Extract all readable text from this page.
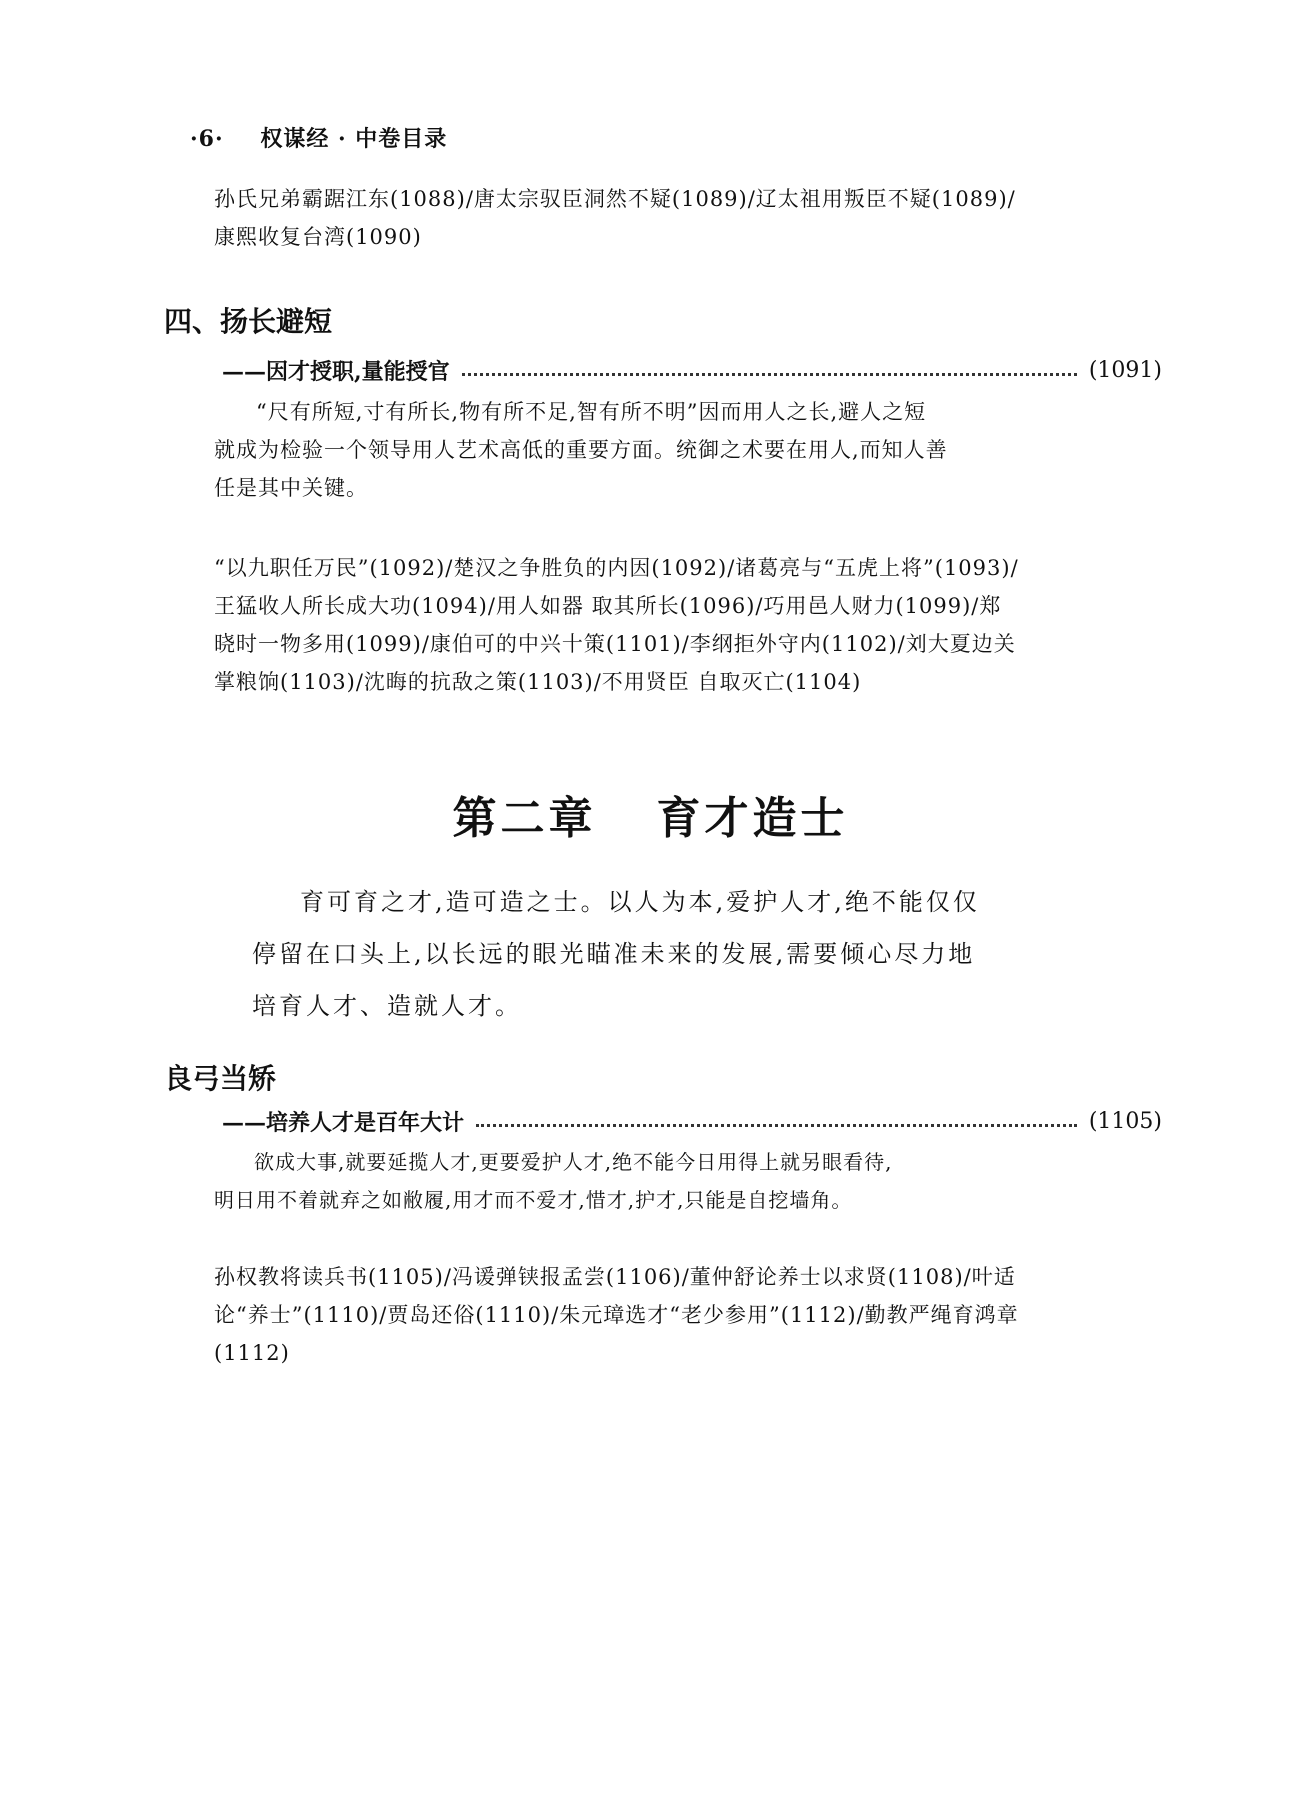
·6· 权谋经 · 中卷目录
孙氏兄弟霸踞江东(1088)/唐太宗驭臣洞然不疑(1089)/辽太祖用叛臣不疑(1089)/
康熙收复台湾(1090)
四、扬长避短
——因才授职,量能授官	(1091)
“尺有所短,寸有所长,物有所不足,智有所不明”因而用人之长,避人之短
就成为检验一个领导用人艺术高低的重要方面。统御之术要在用人,而知人善
任是其中关键。
“以九职任万民”(1092)/楚汉之争胜负的内因(1092)/诸葛亮与“五虎上将”(1093)/
王猛收人所长成大功(1094)/用人如器 取其所长(1096)/巧用邑人财力(1099)/郑
晓时一物多用(1099)/康伯可的中兴十策(1101)/李纲拒外守内(1102)/刘大夏边关
掌粮饷(1103)/沈晦的抗敌之策(1103)/不用贤臣 自取灭亡(1104)
第二章 育才造士
育可育之才,造可造之士。以人为本,爱护人才,绝不能仅仅
停留在口头上,以长远的眼光瞄准未来的发展,需要倾心尽力地
培育人才、造就人才。
良弓当矫
——培养人才是百年大计	(1105)
欲成大事,就要延揽人才,更要爱护人才,绝不能今日用得上就另眼看待,
明日用不着就弃之如敝履,用才而不爱才,惜才,护才,只能是自挖墙角。
孙权教将读兵书(1105)/冯谖弹铗报孟尝(1106)/董仲舒论养士以求贤(1108)/叶适
论“养士”(1110)/贾岛还俗(1110)/朱元璋选才“老少参用”(1112)/勤教严绳育鸿章
(1112)
